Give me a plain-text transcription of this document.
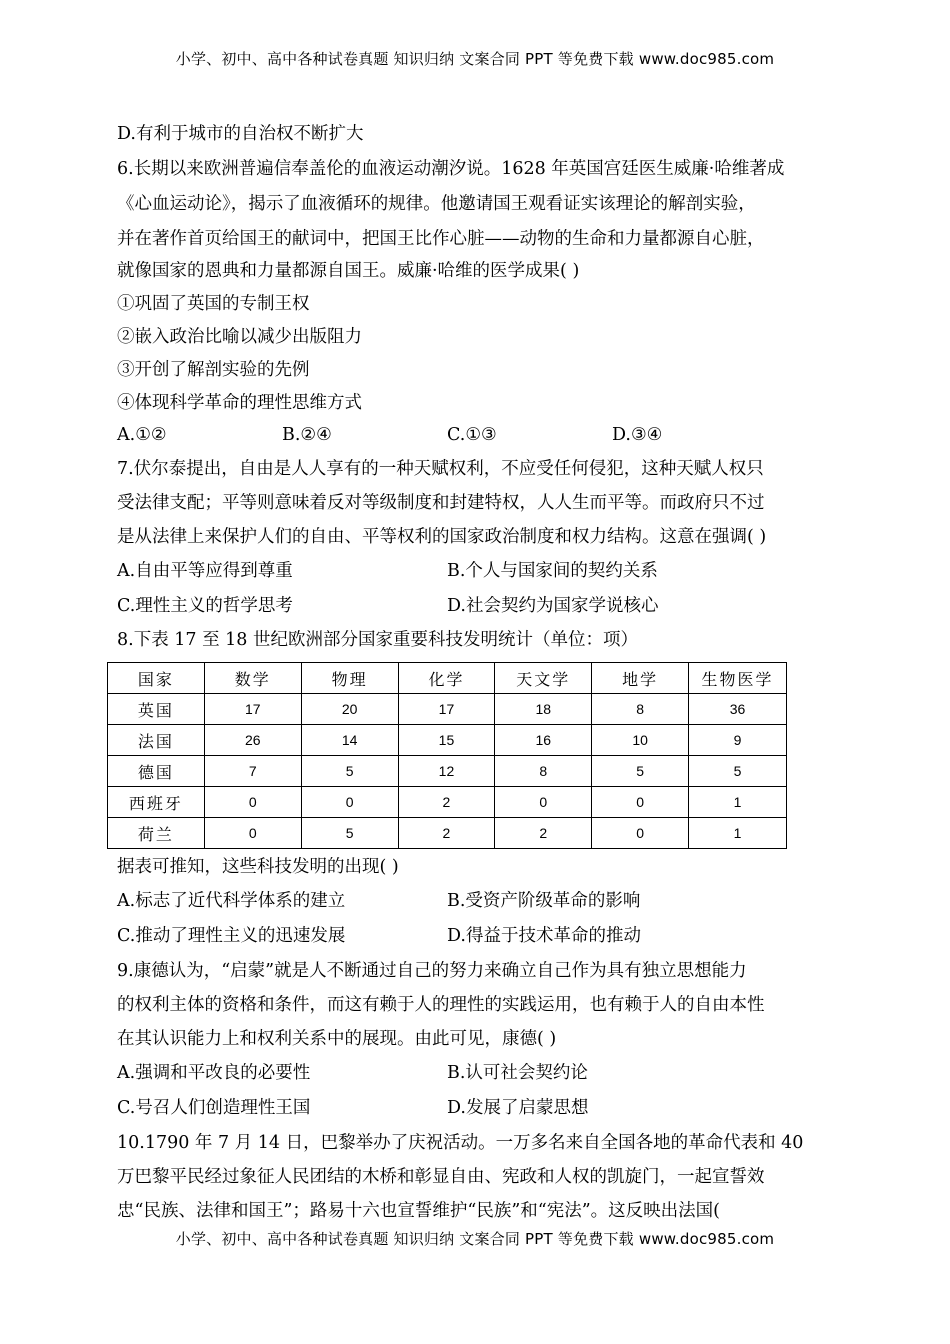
小学、初中、高中各种试卷真题 知识归纳 文案合同 PPT 等免费下载 www.doc985.com
D.有利于城市的自治权不断扩大
6.长期以来欧洲普遍信奉盖伦的血液运动潮汐说。1628 年英国宫廷医生威廉·哈维著成
《心血运动论》，揭示了血液循环的规律。他邀请国王观看证实该理论的解剖实验，
并在著作首页给国王的献词中，把国王比作心脏——动物的生命和力量都源自心脏，
就像国家的恩典和力量都源自国王。威廉·哈维的医学成果( )
①巩固了英国的专制王权
②嵌入政治比喻以减少出版阻力
③开创了解剖实验的先例
④体现科学革命的理性思维方式
A.①②	B.②④	C.①③	D.③④
7.伏尔泰提出，自由是人人享有的一种天赋权利，不应受任何侵犯，这种天赋人权只
受法律支配；平等则意味着反对等级制度和封建特权，人人生而平等。而政府只不过
是从法律上来保护人们的自由、平等权利的国家政治制度和权力结构。这意在强调( )
A.自由平等应得到尊重	B.个人与国家间的契约关系
C.理性主义的哲学思考	D.社会契约为国家学说核心
8.下表 17 至 18 世纪欧洲部分国家重要科技发明统计（单位：项）
国家	数学	物理	化学	天文学	地学	生物医学
英国	17	20	17	18	8	36
法国	26	14	15	16	10	9
德国	7	5	12	8	5	5
西班牙	0	0	2	0	0	1
荷兰	0	5	2	2	0	1
据表可推知，这些科技发明的出现( )
A.标志了近代科学体系的建立	B.受资产阶级革命的影响
C.推动了理性主义的迅速发展	D.得益于技术革命的推动
9.康德认为，“启蒙”就是人不断通过自己的努力来确立自己作为具有独立思想能力
的权利主体的资格和条件，而这有赖于人的理性的实践运用，也有赖于人的自由本性
在其认识能力上和权利关系中的展现。由此可见，康德( )
A.强调和平改良的必要性	B.认可社会契约论
C.号召人们创造理性王国	D.发展了启蒙思想
10.1790 年 7 月 14 日，巴黎举办了庆祝活动。一万多名来自全国各地的革命代表和 40
万巴黎平民经过象征人民团结的木桥和彰显自由、宪政和人权的凯旋门，一起宣誓效
忠“民族、法律和国王”；路易十六也宣誓维护“民族”和“宪法”。这反映出法国(
小学、初中、高中各种试卷真题 知识归纳 文案合同 PPT 等免费下载 www.doc985.com
